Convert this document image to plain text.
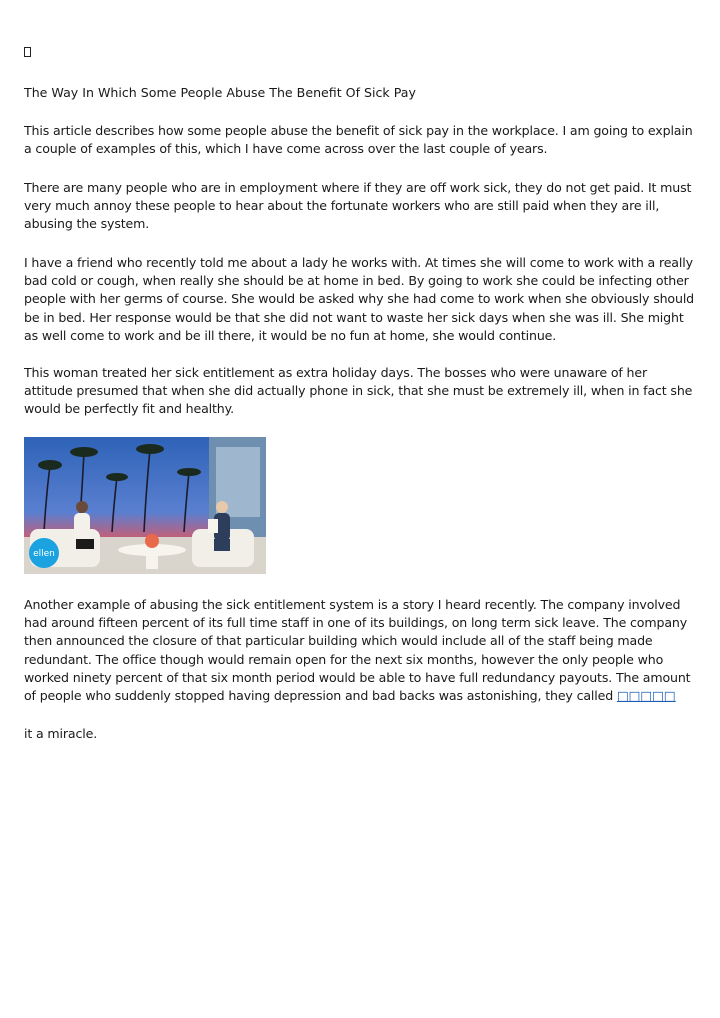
The Way In Which Some People Abuse The Benefit Of Sick Pay

This article describes how some people abuse the benefit of sick pay in the workplace. I am going to explain a couple of examples of this, which I have come across over the last couple of years.

There are many people who are in employment where if they are off work sick, they do not get paid. It must very much annoy these people to hear about the fortunate workers who are still paid when they are ill, abusing the system.

I have a friend who recently told me about a lady he works with. At times she will come to work with a really bad cold or cough, when really she should be at home in bed. By going to work she could be infecting other people with her germs of course. She would be asked why she had come to work when she obviously should be in bed. Her response would be that she did not want to waste her sick days when she was ill. She might as well come to work and be ill there, it would be no fun at home, she would continue.

This woman treated her sick entitlement as extra holiday days. The bosses who were unaware of her attitude presumed that when she did actually phone in sick, that she must be extremely ill, when in fact she would be perfectly fit and healthy.

ellen

Another example of abusing the sick entitlement system is a story I heard recently. The company involved had around fifteen percent of its full time staff in one of its buildings, on long term sick leave. The company then announced the closure of that particular building which would include all of the staff being made redundant. The office though would remain open for the next six months, however the only people who worked ninety percent of that six month period would be able to have full redundancy payouts. The amount of people who suddenly stopped having depression and bad backs was astonishing, they called □□□□□

it a miracle.
